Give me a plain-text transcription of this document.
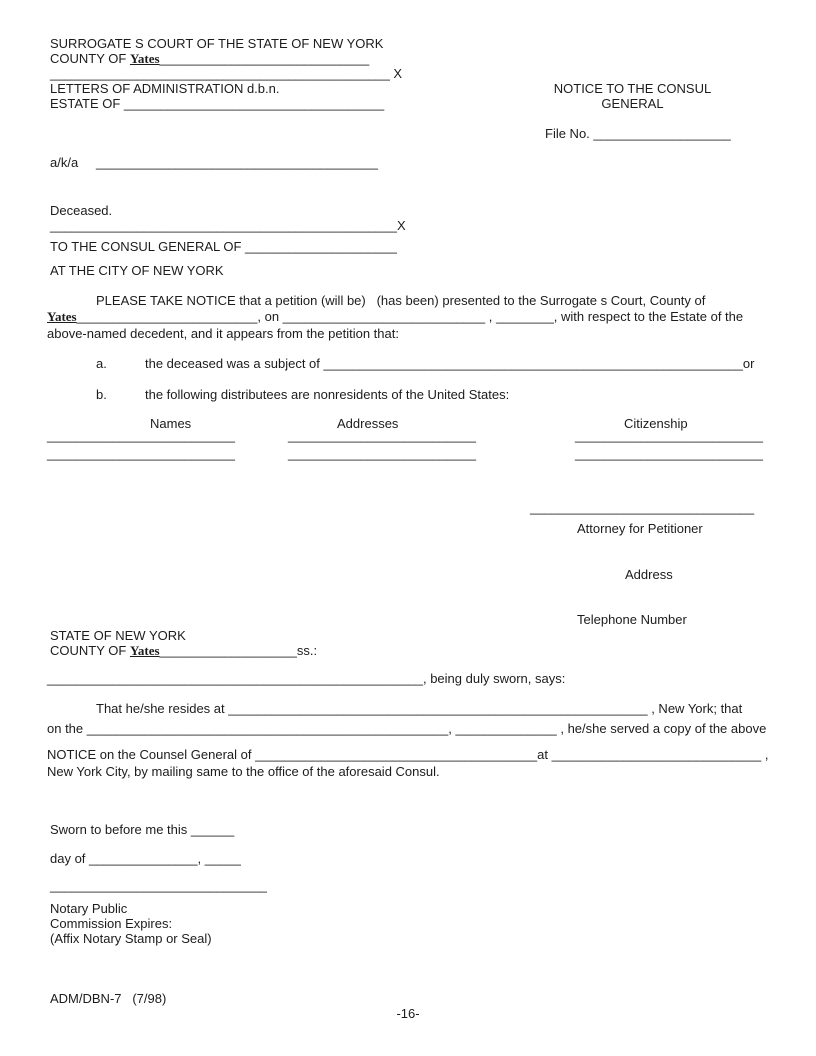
SURROGATE S COURT OF THE STATE OF NEW YORK
COUNTY OF Yates_____________________________
_______________________________________________ X
LETTERS OF ADMINISTRATION d.b.n.
ESTATE OF ____________________________________
NOTICE TO THE CONSUL
GENERAL
File No. ___________________
a/k/a _______________________________________
Deceased.
________________________________________________X
TO THE CONSUL GENERAL OF _____________________
AT THE CITY OF NEW YORK
PLEASE TAKE NOTICE that a petition (will be)   (has been) presented to the Surrogate s Court, County of
Yates_________________________, on ____________________________ , ________, with respect to the Estate of the
above-named decedent, and it appears from the petition that:
a.	the deceased was a subject of __________________________________________________________or
b.	the following distributees are nonresidents of the United States:
Names	Addresses	Citizenship
__________________________	__________________________	__________________________
__________________________	__________________________	__________________________
_______________________________
Attorney for Petitioner
Address
Telephone Number
STATE OF NEW YORK
COUNTY OF Yates___________________ss.:
____________________________________________________, being duly sworn, says:
That he/she resides at __________________________________________________________ , New York; that
on the __________________________________________________, ______________ , he/she served a copy of the above
NOTICE on the Counsel General of _______________________________________at _____________________________ ,
New York City, by mailing same to the office of the aforesaid Consul.
Sworn to before me this ______
day of _______________, _____
______________________________
Notary Public
Commission Expires:
(Affix Notary Stamp or Seal)
ADM/DBN-7   (7/98)
-16-
